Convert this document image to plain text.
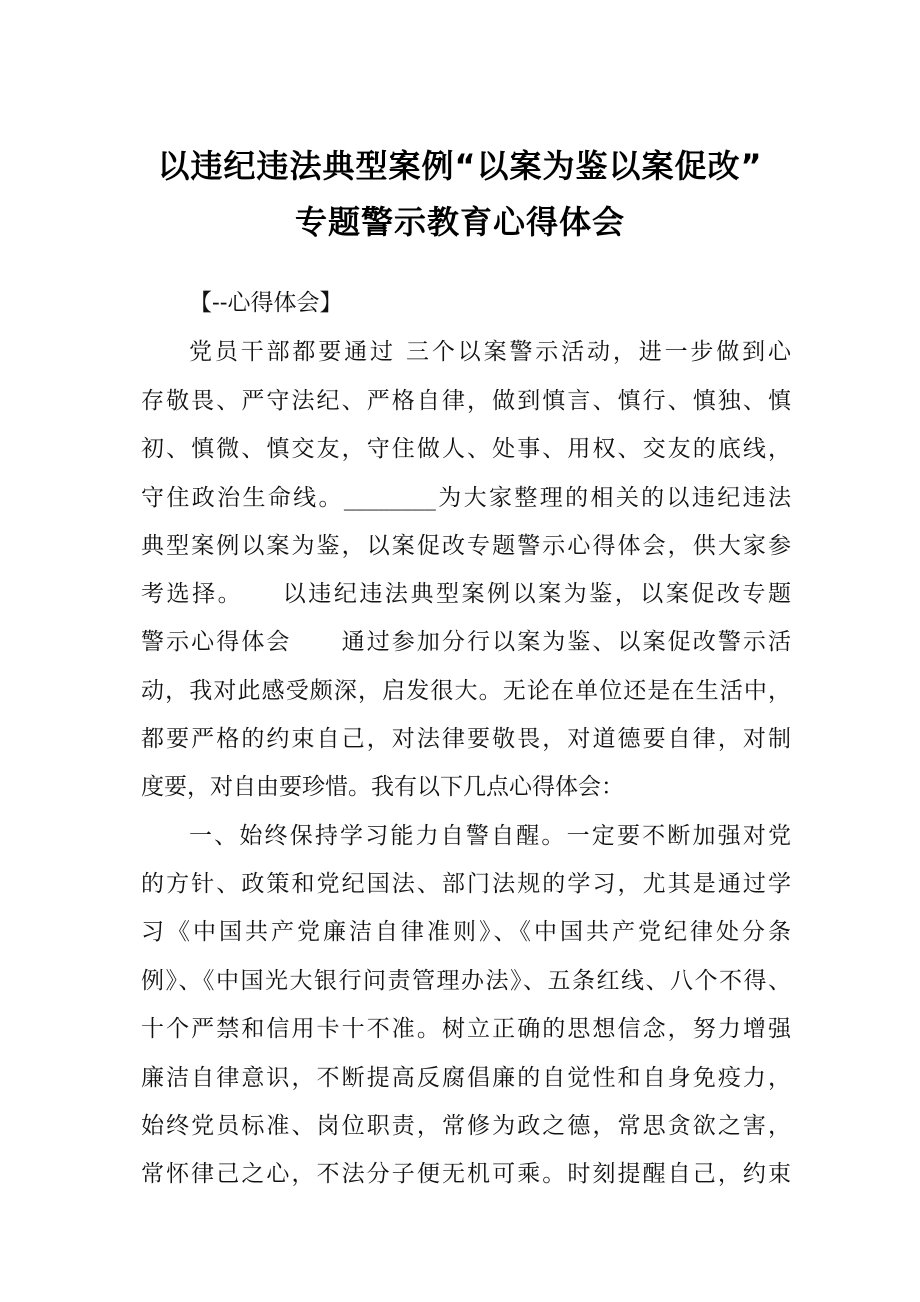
以违纪违法典型案例“以案为鉴以案促改”
专题警示教育心得体会
【--心得体会】
党员干部都要通过 三个以案警示活动，进一步做到心
存敬畏、严守法纪、严格自律，做到慎言、慎行、慎独、慎
初、慎微、慎交友，守住做人、处事、用权、交友的底线，
守住政治生命线。________为大家整理的相关的以违纪违法
典型案例以案为鉴，以案促改专题警示心得体会，供大家参
考选择。　　以违纪违法典型案例以案为鉴，以案促改专题
警示心得体会　　通过参加分行以案为鉴、以案促改警示活
动，我对此感受颇深，启发很大。无论在单位还是在生活中，
都要严格的约束自己，对法律要敬畏，对道德要自律，对制
度要，对自由要珍惜。我有以下几点心得体会：
一、始终保持学习能力自警自醒。一定要不断加强对党
的方针、政策和党纪国法、部门法规的学习，尤其是通过学
习《中国共产党廉洁自律准则》、《中国共产党纪律处分条
例》、《中国光大银行问责管理办法》、五条红线、八个不得、
十个严禁和信用卡十不准。树立正确的思想信念，努力增强
廉洁自律意识，不断提高反腐倡廉的自觉性和自身免疫力，
始终党员标准、岗位职责，常修为政之德，常思贪欲之害，
常怀律己之心，不法分子便无机可乘。时刻提醒自己，约束
